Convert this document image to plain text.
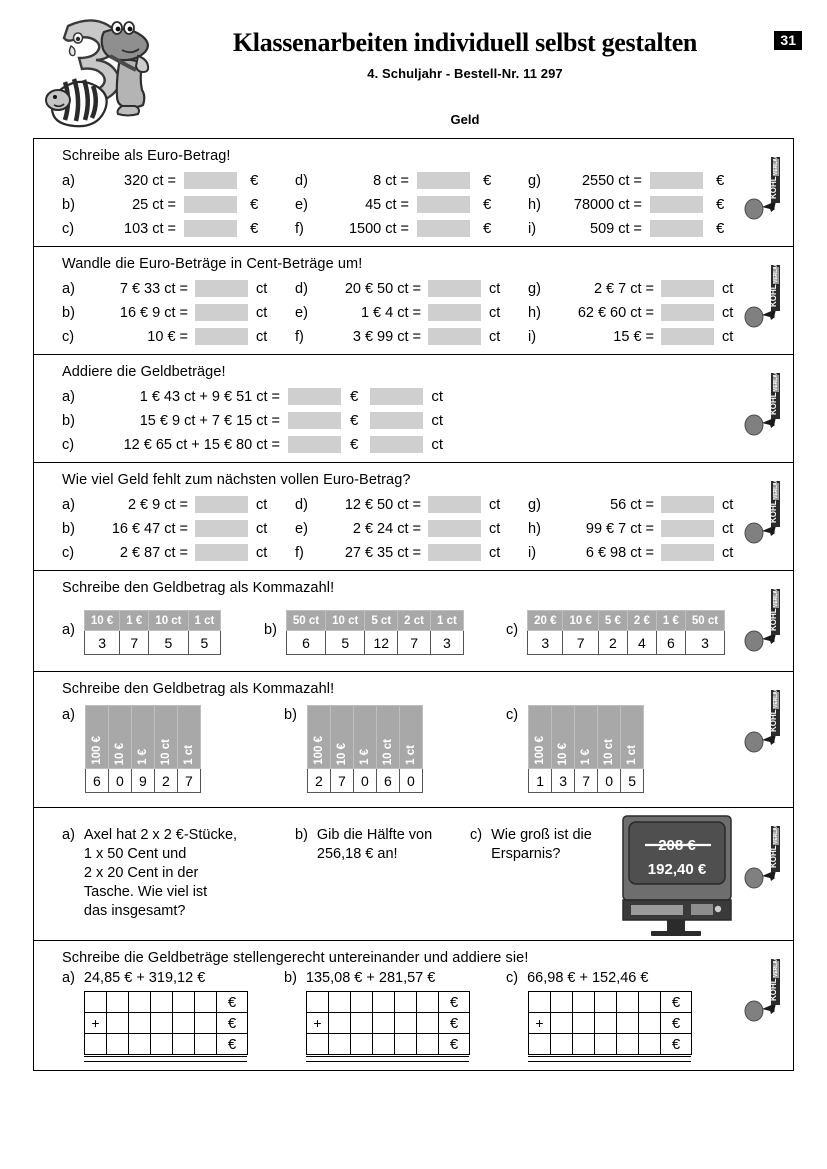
Klassenarbeiten individuell selbst gestalten
4. Schuljahr - Bestell-Nr. 11 297
Geld
31
Schreibe als Euro-Betrag!
a)	320 ct =	€	d)	8 ct =	€	g)	2550 ct =	€
b)	25 ct =	€	e)	45 ct =	€	h)	78000 ct =	€
c)	103 ct =	€	f)	1500 ct =	€	i)	509 ct =	€
KOHL
VERLAG
Wandle die Euro-Beträge in Cent-Beträge um!
a)	7 € 33 ct =	ct d)	20 € 50 ct =	ct g)	2 € 7 ct =	ct
b)	16 € 9 ct =	ct e)	1 € 4 ct =	ct h)	62 € 60 ct =	ct
c)	10 € =	ct f)	3 € 99 ct =	ct i)	15 € =	ct
KOHL
VERLAG
Addiere die Geldbeträge!
a)	1 € 43 ct + 9 € 51 ct =	€	ct
b)	15 € 9 ct + 7 € 15 ct =	€	ct
c)	12 € 65 ct + 15 € 80 ct =	€	ct
KOHL
VERLAG
Wie viel Geld fehlt zum nächsten vollen Euro-Betrag?
a)	2 € 9 ct =	ct d)	12 € 50 ct =	ct g)	56 ct =	ct
b)	16 € 47 ct =	ct e)	2 € 24 ct =	ct h)	99 € 7 ct =	ct
c)	2 € 87 ct =	ct f)	27 € 35 ct =	ct i)	6 € 98 ct =	ct
KOHL
VERLAG
Schreibe den Geldbetrag als Kommazahl!
a)
10 €	1 €	10 ct	1 ct
3	7	5	5
b)
50 ct	10 ct	5 ct	2 ct	1 ct
6	5	12	7	3
c)
20 €	10 €	5 €	2 €	1 €	50 ct
3	7	2	4	6	3
KOHL
VERLAG
Schreibe den Geldbetrag als Kommazahl!
a)
100 €	10 €	1 €	10 ct	1 ct

6	0	9	2	7
b)
100 €	10 €	1 €	10 ct	1 ct

2	7	0	6	0
c)
100 €	10 €	1 €	10 ct	1 ct

1	3	7	0	5
KOHL
VERLAG
a) Axel hat 2 x 2 €-Stücke,
1 x 50 Cent und
2 x 20 Cent in der
Tasche. Wie viel ist
das insgesamt?
b) Gib die Hälfte von
256,18 € an!
c) Wie groß ist die
Ersparnis?	208 €
192,40 €
KOHL
VERLAG
Schreibe die Geldbeträge stellengerecht untereinander und addiere sie!
a) 24,85 € + 319,12 €	b) 135,08 € + 281,57 €	c) 66,98 € + 152,46 €
						€
+						€
						€
						€
+						€
						€
						€
+						€
						€
KOHL
VERLAG
